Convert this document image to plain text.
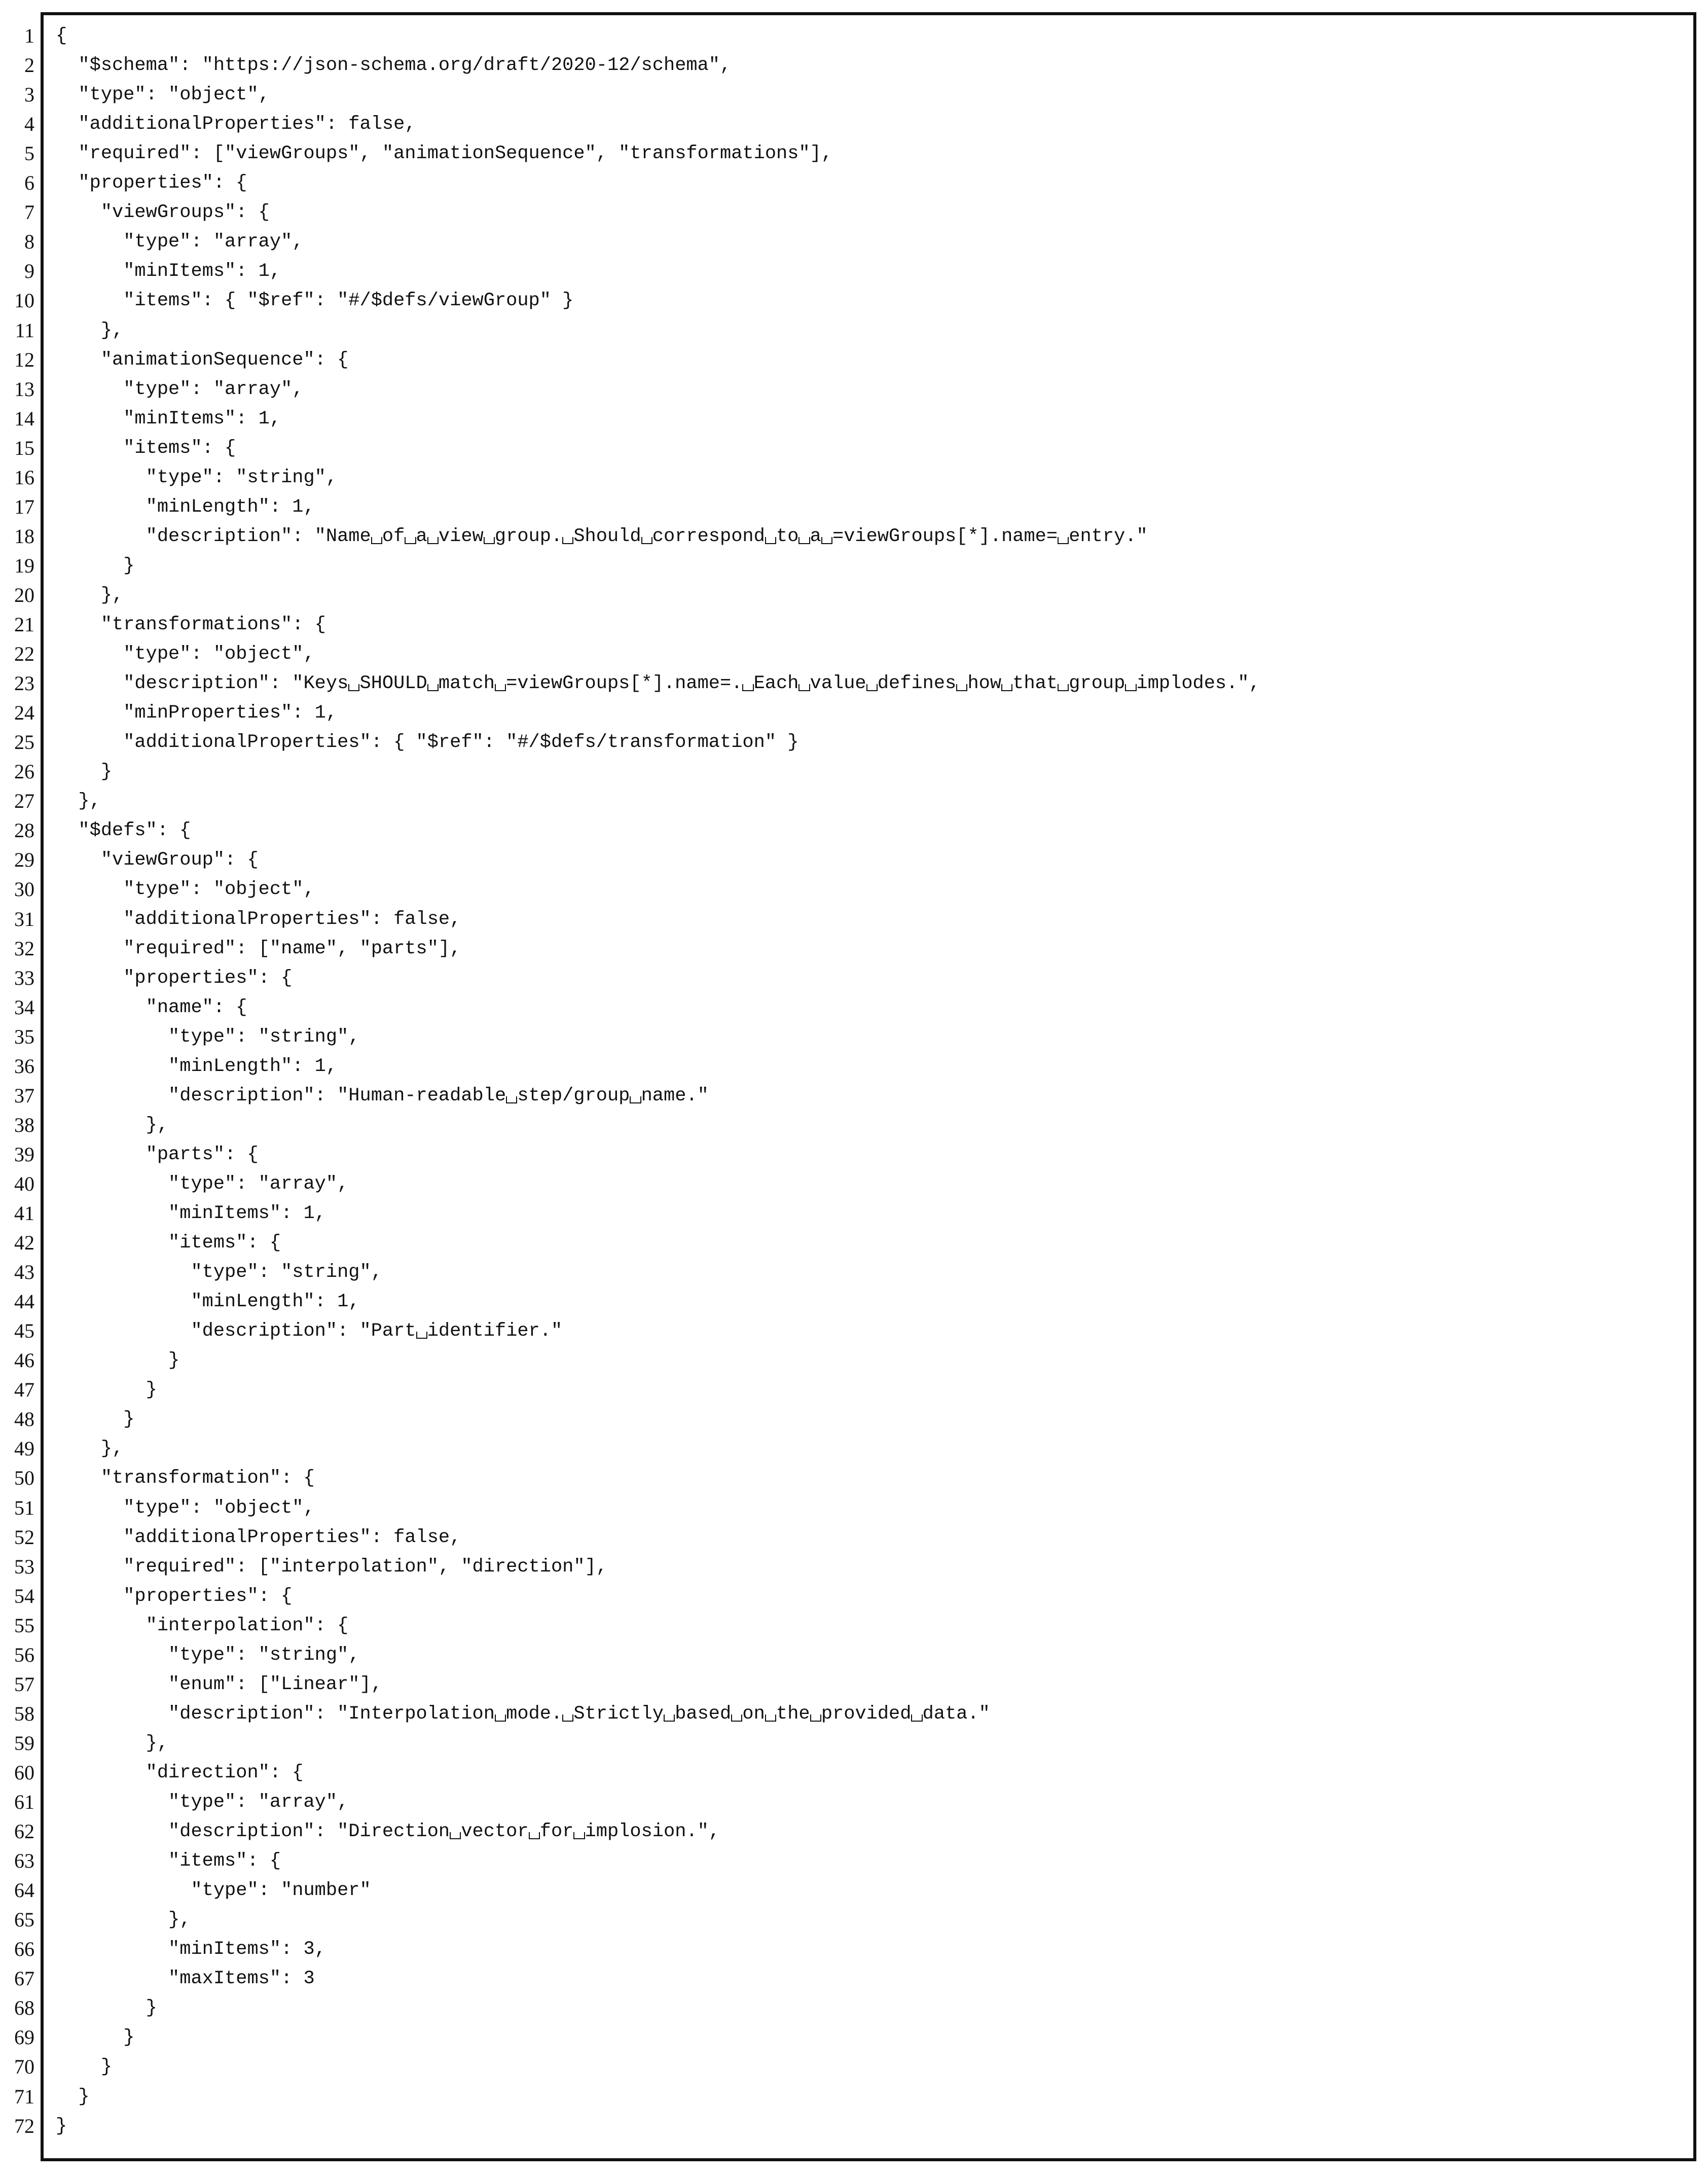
1
2
3
4
5
6
7
8
9
10
11
12
13
14
15
16
17
18
19
20
21
22
23
24
25
26
27
28
29
30
31
32
33
34
35
36
37
38
39
40
41
42
43
44
45
46
47
48
49
50
51
52
53
54
55
56
57
58
59
60
61
62
63
64
65
66
67
68
69
70
71
72
{
"$schema": "https://json-schema.org/draft/2020-12/schema",
"type": "object",
"additionalProperties": false,
"required": ["viewGroups", "animationSequence", "transformations"],
"properties": {
"viewGroups": {
"type": "array",
"minItems": 1,
"items": { "$ref": "#/$defs/viewGroup" }
},
"animationSequence": {
"type": "array",
"minItems": 1,
"items": {
"type": "string",
"minLength": 1,
"description": "Name of a view group. Should correspond to a =viewGroups[*].name= entry."
}
},
"transformations": {
"type": "object",
"description": "Keys SHOULD match =viewGroups[*].name=. Each value defines how that group implodes.",
"minProperties": 1,
"additionalProperties": { "$ref": "#/$defs/transformation" }
}
},
"$defs": {
"viewGroup": {
"type": "object",
"additionalProperties": false,
"required": ["name", "parts"],
"properties": {
"name": {
"type": "string",
"minLength": 1,
"description": "Human-readable step/group name."
},
"parts": {
"type": "array",
"minItems": 1,
"items": {
"type": "string",
"minLength": 1,
"description": "Part identifier."
}
}
}
},
"transformation": {
"type": "object",
"additionalProperties": false,
"required": ["interpolation", "direction"],
"properties": {
"interpolation": {
"type": "string",
"enum": ["Linear"],
"description": "Interpolation mode. Strictly based on the provided data."
},
"direction": {
"type": "array",
"description": "Direction vector for implosion.",
"items": {
"type": "number"
},
"minItems": 3,
"maxItems": 3
}
}
}
}
}
